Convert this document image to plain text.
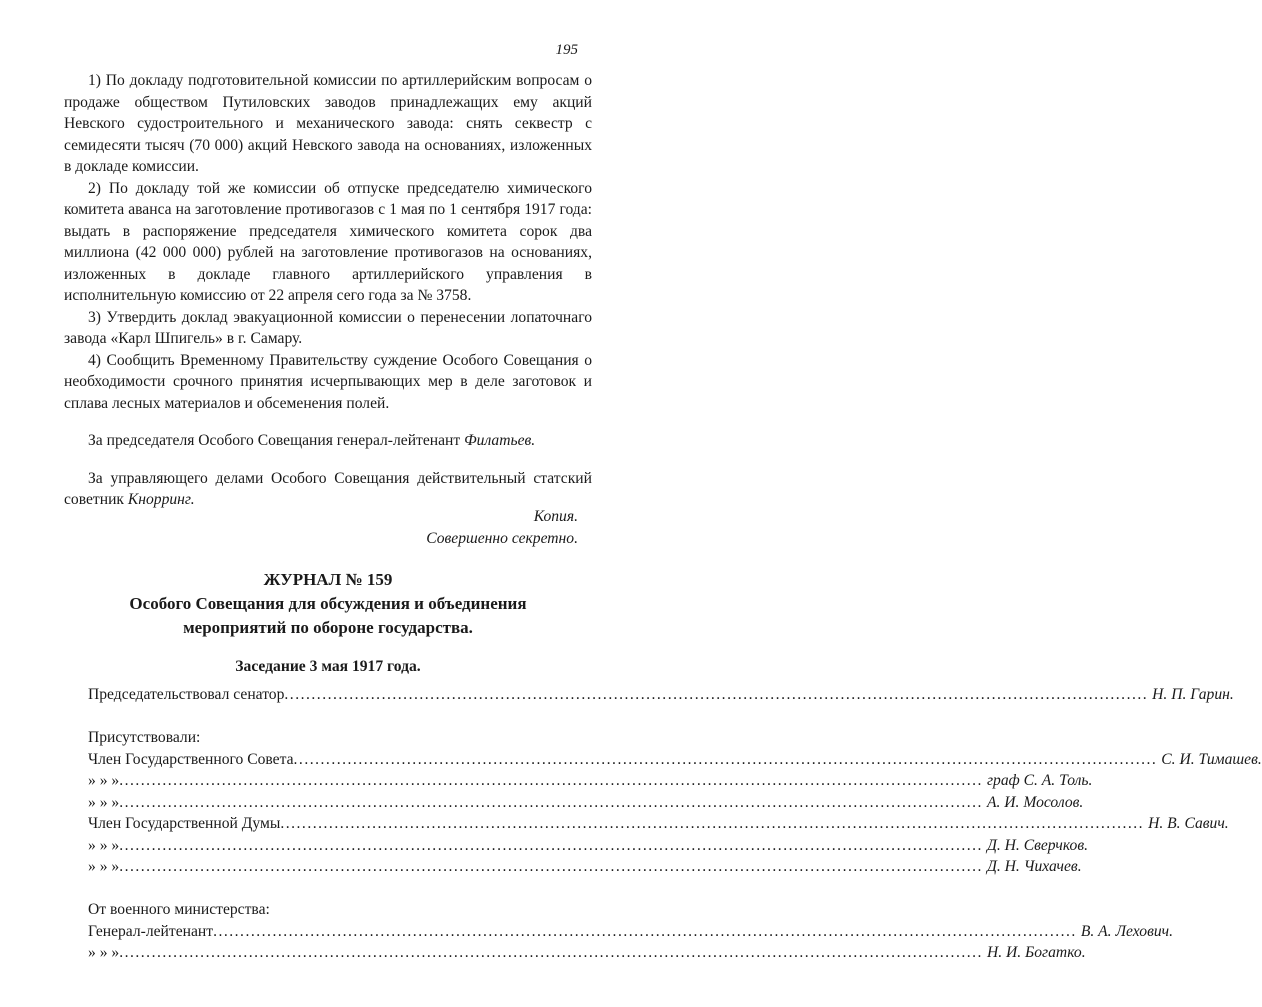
195

1) По докладу подготовительной комиссии по артиллерийским вопросам о продаже обществом Путиловских заводов принадлежащих ему акций Невского судостроительного и механического завода: снять секвестр с семидесяти тысяч (70 000) акций Невского завода на основаниях, изложенных в докладе комиссии.

2) По докладу той же комиссии об отпуске председателю химического комитета аванса на заготовление противогазов с 1 мая по 1 сентября 1917 года: выдать в распоряжение председателя химического комитета сорок два миллиона (42 000 000) рублей на заготовление противогазов на основаниях, изложенных в докладе главного артиллерийского управления в исполнительную комиссию от 22 апреля сего года за № 3758.

3) Утвердить доклад эвакуационной комиссии о перенесении лопаточнаго завода «Карл Шпигель» в г. Самару.

4) Сообщить Временному Правительству суждение Особого Совещания о необходимости срочного принятия исчерпывающих мер в деле заготовок и сплава лесных материалов и обсеменения полей.

За председателя Особого Совещания генерал-лейтенант Филатьев.

За управляющего делами Особого Совещания действительный статский советник Кнорринг.

Копия.
Совершенно секретно.
ЖУРНАЛ № 159
Особого Совещания для обсуждения и объединения
мероприятий по обороне государства.
Заседание 3 мая 1917 года.
Председательствовал сенатор ................................................................................................................................................................ Н. П. Гарин.
Присутствовали:
Член Государственного Совета ................................................................................................................................................................ С. И. Тимашев.
» » » ................................................................................................................................................................ граф С. А. Толь.
» » » ................................................................................................................................................................ А. И. Мосолов.
Член Государственной Думы ................................................................................................................................................................ Н. В. Савич.
» » » ................................................................................................................................................................ Д. Н. Сверчков.
» » » ................................................................................................................................................................ Д. Н. Чихачев.
От военного министерства:
Генерал-лейтенант ................................................................................................................................................................ В. А. Лехович.
» » » ................................................................................................................................................................ Н. И. Богатко.
